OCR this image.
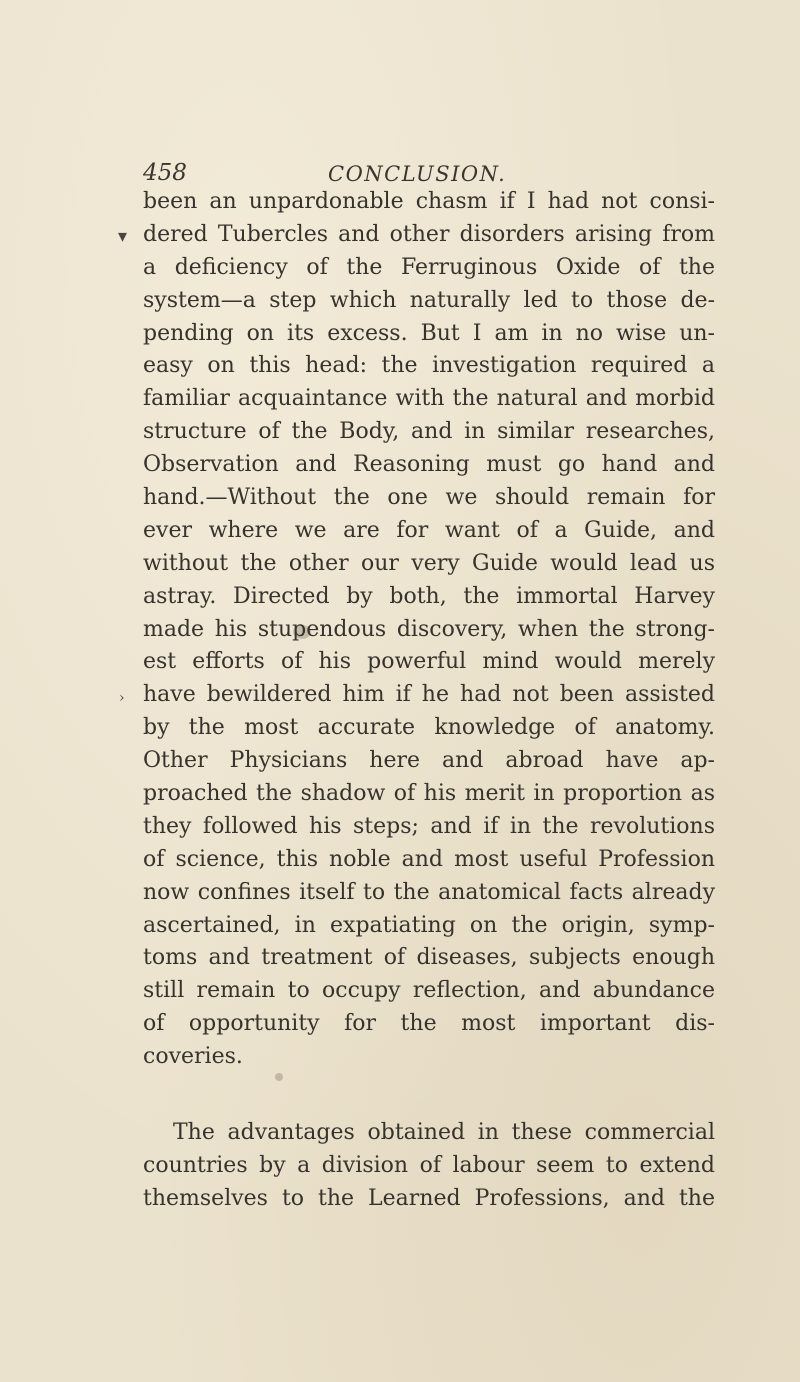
458	CONCLUSION.
▾
›
been an unpardonable chasm if I had not consi-
dered Tubercles and other disorders arising from
a deficiency of the Ferruginous Oxide of the
system—a step which naturally led to those de-
pending on its excess. But I am in no wise un-
easy on this head: the investigation required a
familiar acquaintance with the natural and morbid
structure of the Body, and in similar researches,
Observation and Reasoning must go hand and
hand.—Without the one we should remain for
ever where we are for want of a Guide, and
without the other our very Guide would lead us
astray. Directed by both, the immortal Harvey
made his stupendous discovery, when the strong-
est efforts of his powerful mind would merely
have bewildered him if he had not been assisted
by the most accurate knowledge of anatomy.
Other Physicians here and abroad have ap-
proached the shadow of his merit in proportion as
they followed his steps; and if in the revolutions
of science, this noble and most useful Profession
now confines itself to the anatomical facts already
ascertained, in expatiating on the origin, symp-
toms and treatment of diseases, subjects enough
still remain to occupy reflection, and abundance
of opportunity for the most important dis-
coveries.
The advantages obtained in these commercial
countries by a division of labour seem to extend
themselves to the Learned Professions, and the
